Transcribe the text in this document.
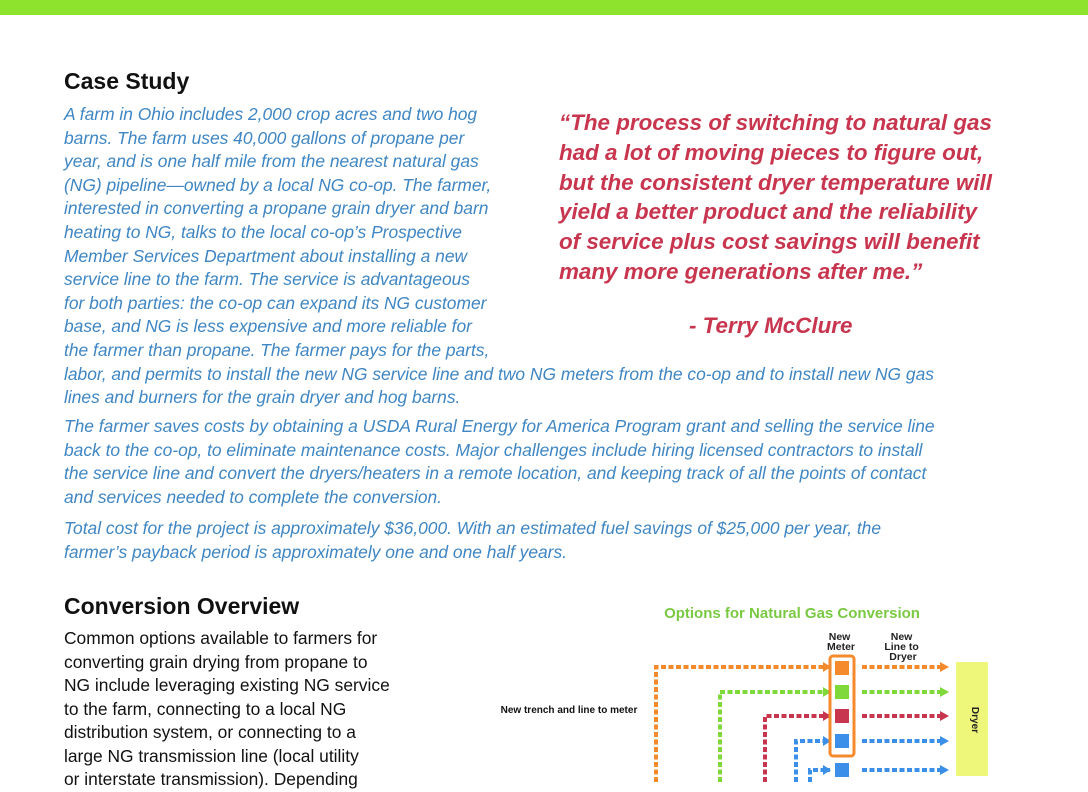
Case Study

A farm in Ohio includes 2,000 crop acres and two hog

barns. The farm uses 40,000 gallons of propane per

year, and is one half mile from the nearest natural gas

(NG) pipeline—owned by a local NG co-op. The farmer,

interested in converting a propane grain dryer and barn

heating to NG, talks to the local co-op’s Prospective

Member Services Department about installing a new

service line to the farm. The service is advantageous

for both parties: the co-op can expand its NG customer

base, and NG is less expensive and more reliable for

the farmer than propane. The farmer pays for the parts,

labor, and permits to install the new NG service line and two NG meters from the co-op and to install new NG gas

lines and burners for the grain dryer and hog barns.

The farmer saves costs by obtaining a USDA Rural Energy for America Program grant and selling the service line

back to the co-op, to eliminate maintenance costs. Major challenges include hiring licensed contractors to install

the service line and convert the dryers/heaters in a remote location, and keeping track of all the points of contact

and services needed to complete the conversion.

Total cost for the project is approximately $36,000. With an estimated fuel savings of $25,000 per year, the

farmer’s payback period is approximately one and one half years.

“The process of switching to natural gas
had a lot of moving pieces to figure out,
but the consistent dryer temperature will
yield a better product and the reliability
of service plus cost savings will benefit
many more generations after me.”
- Terry McClure
Conversion Overview
Common options available to farmers for
converting grain drying from propane to
NG include leveraging existing NG service
to the farm, connecting to a local NG
distribution system, or connecting to a
large NG transmission line (local utility
or interstate transmission). Depending
Options for Natural Gas Conversion
New Meter
New Line to Dryer
New trench and line to meter	Dryer
